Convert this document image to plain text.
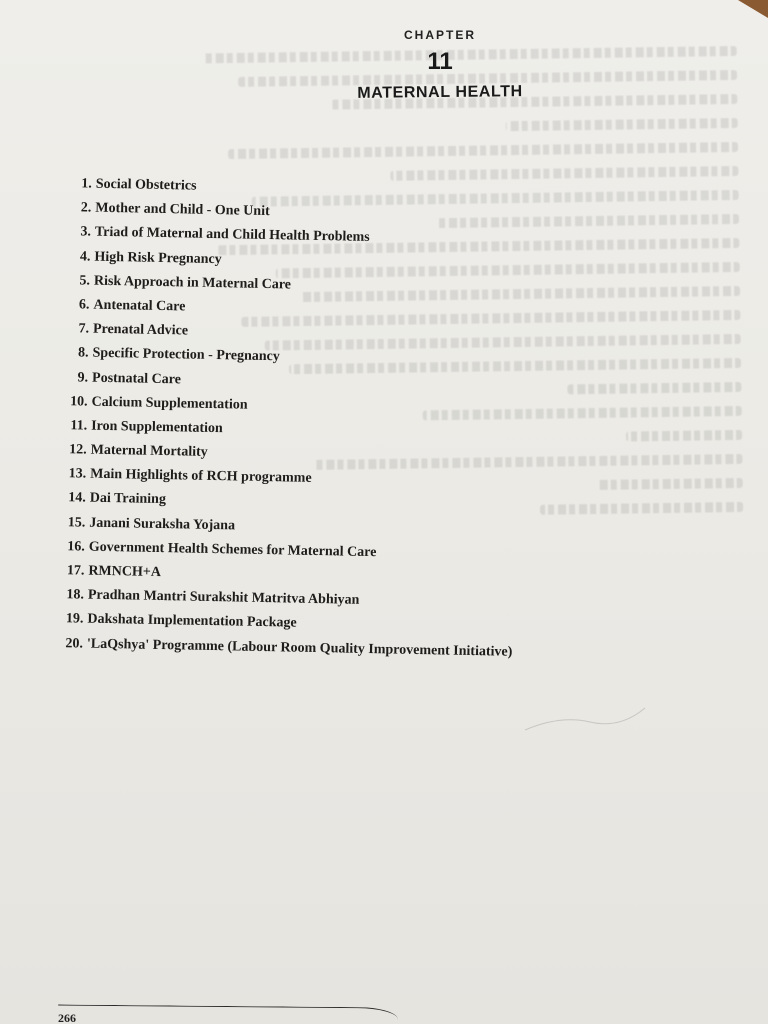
CHAPTER
11
MATERNAL HEALTH
1. Social Obstetrics
2. Mother and Child - One Unit
3. Triad of Maternal and Child Health Problems
4. High Risk Pregnancy
5. Risk Approach in Maternal Care
6. Antenatal Care
7. Prenatal Advice
8. Specific Protection - Pregnancy
9. Postnatal Care
10. Calcium Supplementation
11. Iron Supplementation
12. Maternal Mortality
13. Main Highlights of RCH programme
14. Dai Training
15. Janani Suraksha Yojana
16. Government Health Schemes for Maternal Care
17. RMNCH+A
18. Pradhan Mantri Surakshit Matritva Abhiyan
19. Dakshata Implementation Package
20. 'LaQshya' Programme (Labour Room Quality Improvement Initiative)
266
